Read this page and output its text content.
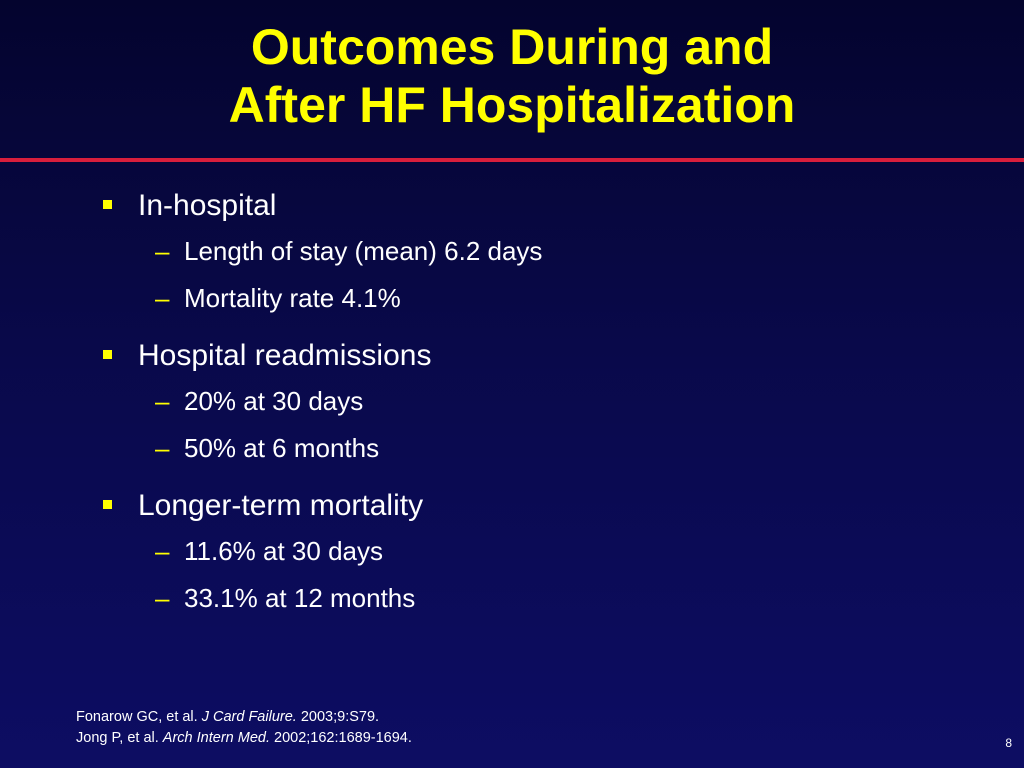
Outcomes During and
After HF Hospitalization
In-hospital
– Length of stay (mean) 6.2 days
– Mortality rate 4.1%
Hospital readmissions
– 20% at 30 days
– 50% at 6 months
Longer-term mortality
– 11.6% at 30 days
– 33.1% at 12 months
Fonarow GC, et al. J Card Failure. 2003;9:S79.
Jong P, et al. Arch Intern Med. 2002;162:1689-1694.	8
